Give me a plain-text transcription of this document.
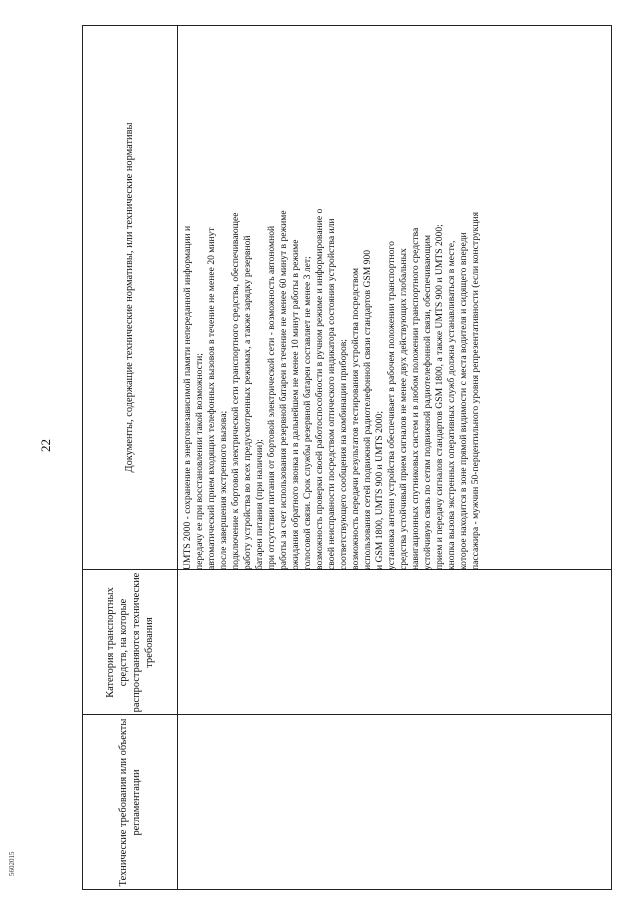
22
5602015	Технические требования или объекты регламентации
Категория транспортных средств, на которые распространяются технические требования
Документы, содержащие технические нормативы, или технические нормативы	UMTS 2000 - сохранение в энергонезависимой памяти непереданной информации и передачу ее при восстановлении такой возможности; автоматический прием входящих телефонных вызовов в течение не менее 20 минут после завершения экстренного вызова; подключение к бортовой электрической сети транспортного средства, обеспечивающее работу устройства во всех предусмотренных режимах, а также зарядку резервной батареи питания (при наличии); при отсутствии питания от бортовой электрической сети - возможность автономной работы за счет использования резервной батареи в течение не менее 60 минут в режиме ожидания обратного звонка и в дальнейшем не менее 10 минут работы в режиме голосовой связи. Срок службы резервной батареи составляет не менее 3 лет; возможность проверки своей работоспособности в ручном режиме и информирование о своей неисправности посредством оптического индикатора состояния устройства или соответствующего сообщения на комбинации приборов; возможность передачи результатов тестирования устройства посредством использования сетей подвижной радиотелефонной связи стандартов GSM 900 и GSM 1800, UMTS 900 и UMTS 2000; установка антенн устройства обеспечивает в рабочем положении транспортного средства устойчивый прием сигналов не менее двух действующих глобальных навигационных спутниковых систем и в любом положении транспортного средства устойчивую связь по сетям подвижной радиотелефонной связи, обеспечивающим прием и передачу сигналов стандартов GSM 1800, а также UMTS 900 и UMTS 2000; кнопка вызова экстренных оперативных служб должна устанавливаться в месте, которое находится в зоне прямой видимости с места водителя и сидящего впереди пассажира - мужчин 50-перцентильного уровня репрезентативности (если конструкция
